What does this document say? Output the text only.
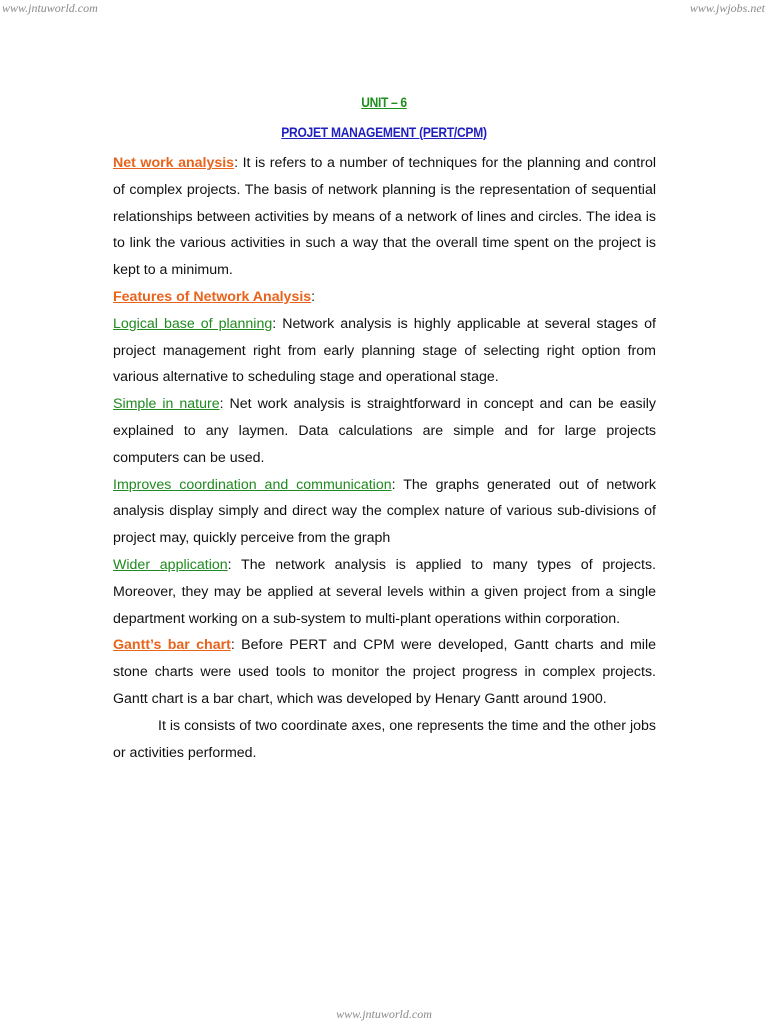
www.jntuworld.com	www.jwjobs.net
UNIT – 6
PROJET MANAGEMENT (PERT/CPM)

Net work analysis: It is refers to a number of techniques for the planning and control of complex projects. The basis of network planning is the representation of sequential relationships between activities by means of a network of lines and circles. The idea is to link the various activities in such a way that the overall time spent on the project is kept to a minimum.

Features of Network Analysis:

Logical base of planning: Network analysis is highly applicable at several stages of project management right from early planning stage of selecting right option from various alternative to scheduling stage and operational stage.

Simple in nature: Net work analysis is straightforward in concept and can be easily explained to any laymen. Data calculations are simple and for large projects computers can be used.

Improves coordination and communication: The graphs generated out of network analysis display simply and direct way the complex nature of various sub-divisions of project may, quickly perceive from the graph

Wider application: The network analysis is applied to many types of projects. Moreover, they may be applied at several levels within a given project from a single department working on a sub-system to multi-plant operations within corporation.

Gantt’s bar chart: Before PERT and CPM were developed, Gantt charts and mile stone charts were used tools to monitor the project progress in complex projects. Gantt chart is a bar chart, which was developed by Henary Gantt around 1900.

It is consists of two coordinate axes, one represents the time and the other jobs or activities performed.

www.jntuworld.com
